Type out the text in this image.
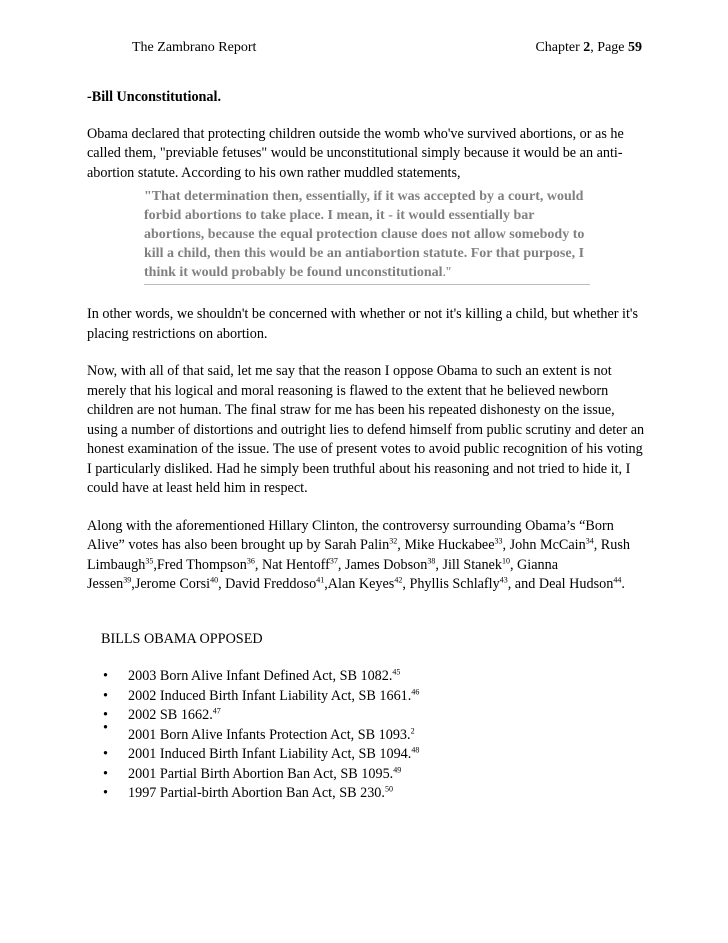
The Zambrano Report	Chapter 2, Page 59

-Bill Unconstitutional.

Obama declared that protecting children outside the womb who've survived abortions, or as he called them, "previable fetuses" would be unconstitutional simply because it would be an anti-abortion statute. According to his own rather muddled statements,

"That determination then, essentially, if it was accepted by a court, would forbid abortions to take place. I mean, it - it would essentially bar abortions, because the equal protection clause does not allow somebody to kill a child, then this would be an antiabortion statute. For that purpose, I think it would probably be found unconstitutional.''

In other words, we shouldn't be concerned with whether or not it's killing a child, but whether it's placing restrictions on abortion.

Now, with all of that said, let me say that the reason I oppose Obama to such an extent is not merely that his logical and moral reasoning is flawed to the extent that he believed newborn children are not human. The final straw for me has been his repeated dishonesty on the issue, using a number of distortions and outright lies to defend himself from public scrutiny and deter an honest examination of the issue. The use of present votes to avoid public recognition of his voting I particularly disliked. Had he simply been truthful about his reasoning and not tried to hide it, I could have at least held him in respect.

Along with the aforementioned Hillary Clinton, the controversy surrounding Obama’s “Born Alive” votes has also been brought up by Sarah Palin$^{32}$, Mike Huckabee$^{33}$, John McCain$^{34}$, Rush Limbaugh$^{35}$,Fred Thompson$^{36}$, Nat Hentoff$^{37}$, James Dobson$^{38}$, Jill Stanek$^{10}$, Gianna Jessen$^{39}$,Jerome Corsi$^{40}$, David Freddoso$^{41}$,Alan Keyes$^{42}$, Phyllis Schlafly$^{43}$, and Deal Hudson$^{44}$.

BILLS OBAMA OPPOSED
• 2003 Born Alive Infant Defined Act, SB 1082.45
• 2002 Induced Birth Infant Liability Act, SB 1661.46
• 2002 SB 1662.47
• 2001 Born Alive Infants Protection Act, SB 1093.$^2$
• 2001 Induced Birth Infant Liability Act, SB 1094.48
• 2001 Partial Birth Abortion Ban Act, SB 1095.49
• 1997 Partial-birth Abortion Ban Act, SB 230.50
